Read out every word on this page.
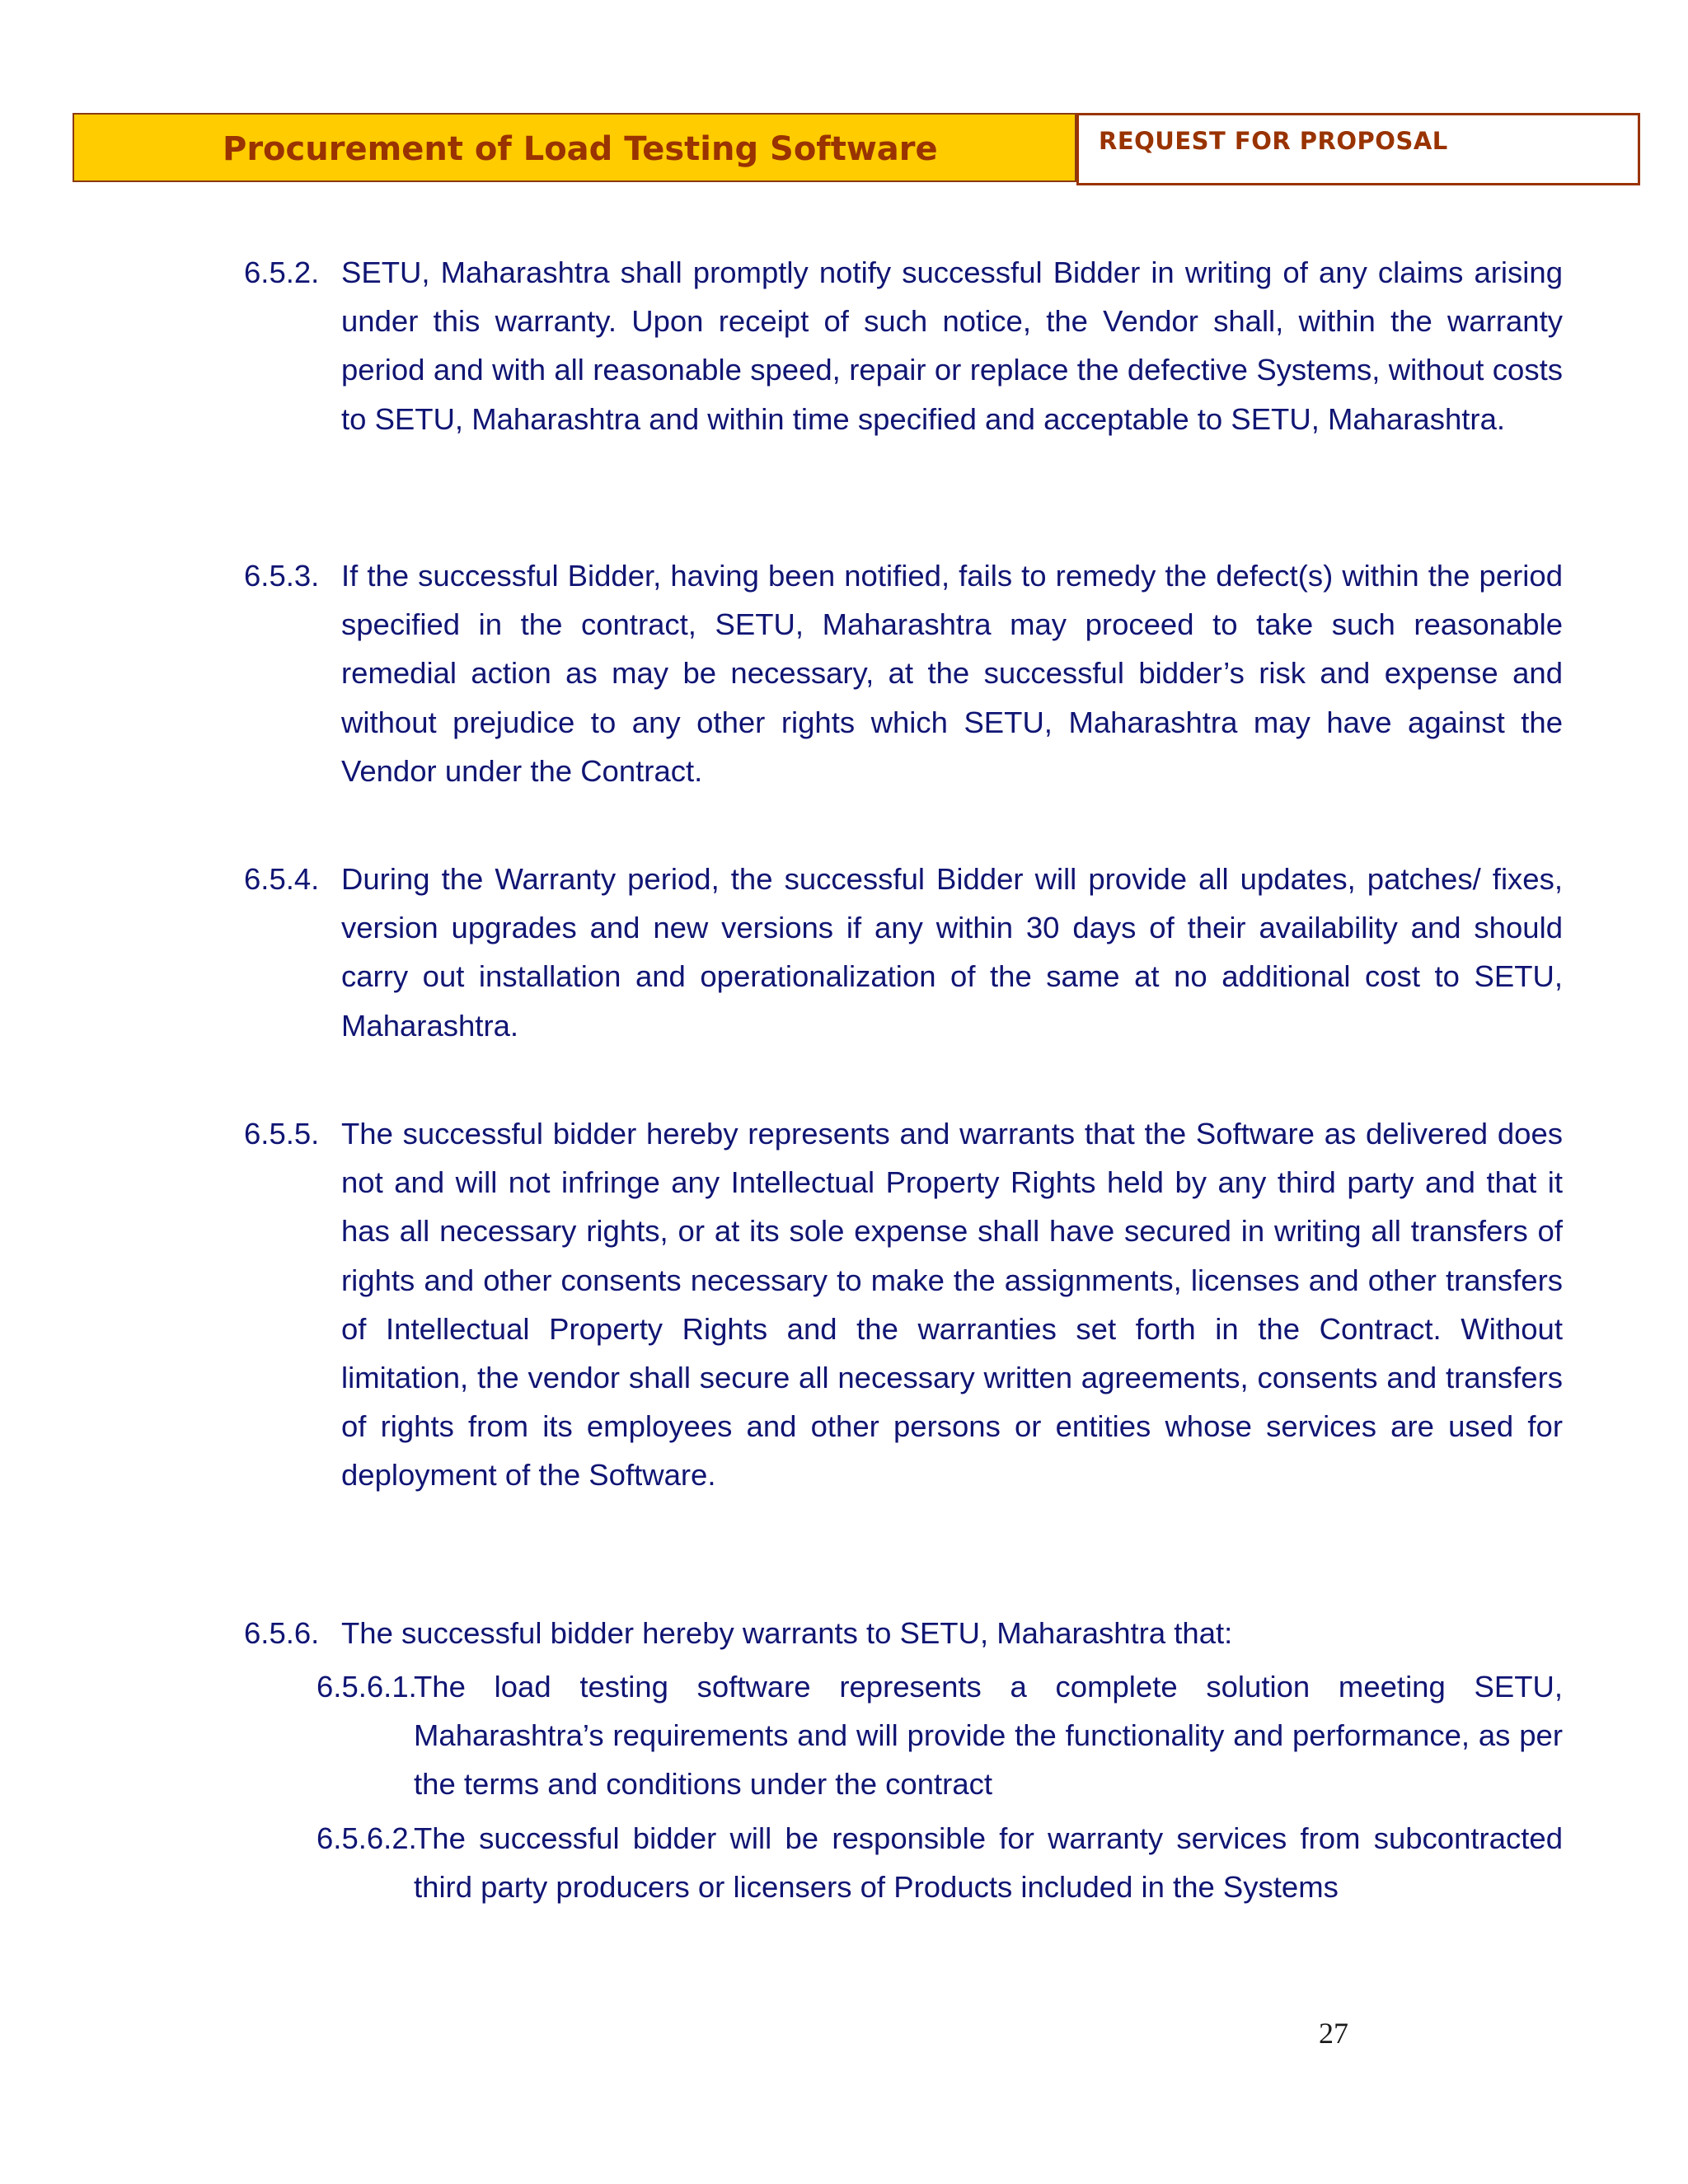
Procurement of Load Testing Software	REQUEST FOR PROPOSAL
6.5.2. SETU, Maharashtra shall promptly notify successful Bidder in writing of any claims arising under this warranty. Upon receipt of such notice, the Vendor shall, within the warranty period and with all reasonable speed, repair or replace the defective Systems, without costs to SETU, Maharashtra and within time specified and acceptable to SETU, Maharashtra.
6.5.3. If the successful Bidder, having been notified, fails to remedy the defect(s) within the period specified in the contract, SETU, Maharashtra may proceed to take such reasonable remedial action as may be necessary, at the successful bidder’s risk and expense and without prejudice to any other rights which SETU, Maharashtra may have against the Vendor under the Contract.
6.5.4. During the Warranty period, the successful Bidder will provide all updates, patches/ fixes, version upgrades and new versions if any within 30 days of their availability and should carry out installation and operationalization of the same at no additional cost to SETU, Maharashtra.
6.5.5. The successful bidder hereby represents and warrants that the Software as delivered does not and will not infringe any Intellectual Property Rights held by any third party and that it has all necessary rights, or at its sole expense shall have secured in writing all transfers of rights and other consents necessary to make the assignments, licenses and other transfers of Intellectual Property Rights and the warranties set forth in the Contract. Without limitation, the vendor shall secure all necessary written agreements, consents and transfers of rights from its employees and other persons or entities whose services are used for deployment of the Software.
6.5.6. The successful bidder hereby warrants to SETU, Maharashtra that:
6.5.6.1.
The load testing software represents a complete solution meeting SETU, Maharashtra’s requirements and will provide the functionality and performance, as per the terms and conditions under the contract
6.5.6.2.
The successful bidder will be responsible for warranty services from subcontracted third party producers or licensers of Products included in the Systems
27
